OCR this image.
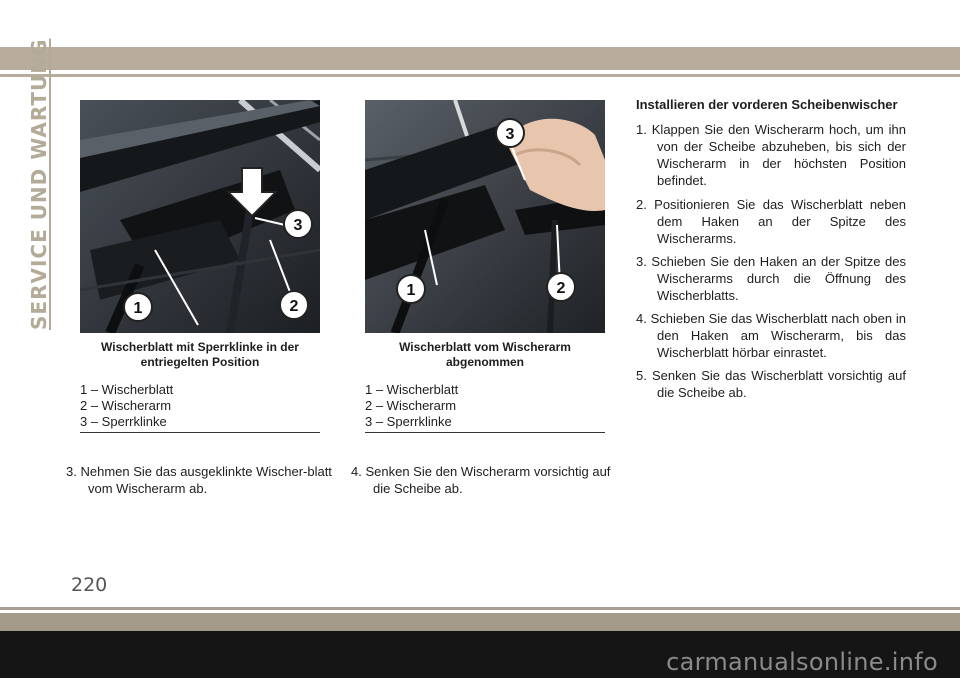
SERVICE UND WARTUNG	1	2
3
Wischerblatt mit Sperrklinke in der entriegelten Position
1 – Wischerblatt
2 – Wischerarm
3 – Sperrklinke
1	2
3
Wischerblatt vom Wischerarm abgenommen
1 – Wischerblatt
2 – Wischerarm
3 – Sperrklinke
3. Nehmen Sie das ausgeklinkte Wischer-blatt vom Wischerarm ab.
4. Senken Sie den Wischerarm vorsichtig auf die Scheibe ab.
Installieren der vorderen Scheibenwischer
1. Klappen Sie den Wischerarm hoch, um ihn von der Scheibe abzuheben, bis sich der Wischerarm in der höchsten Position befindet.
2. Positionieren Sie das Wischerblatt neben dem Haken an der Spitze des Wischerarms.
3. Schieben Sie den Haken an der Spitze des Wischerarms durch die Öffnung des Wischerblatts.
4. Schieben Sie das Wischerblatt nach oben in den Haken am Wischerarm, bis das Wischerblatt hörbar einrastet.
5. Senken Sie das Wischerblatt vorsichtig auf die Scheibe ab.
220
carmanualsonline.info
